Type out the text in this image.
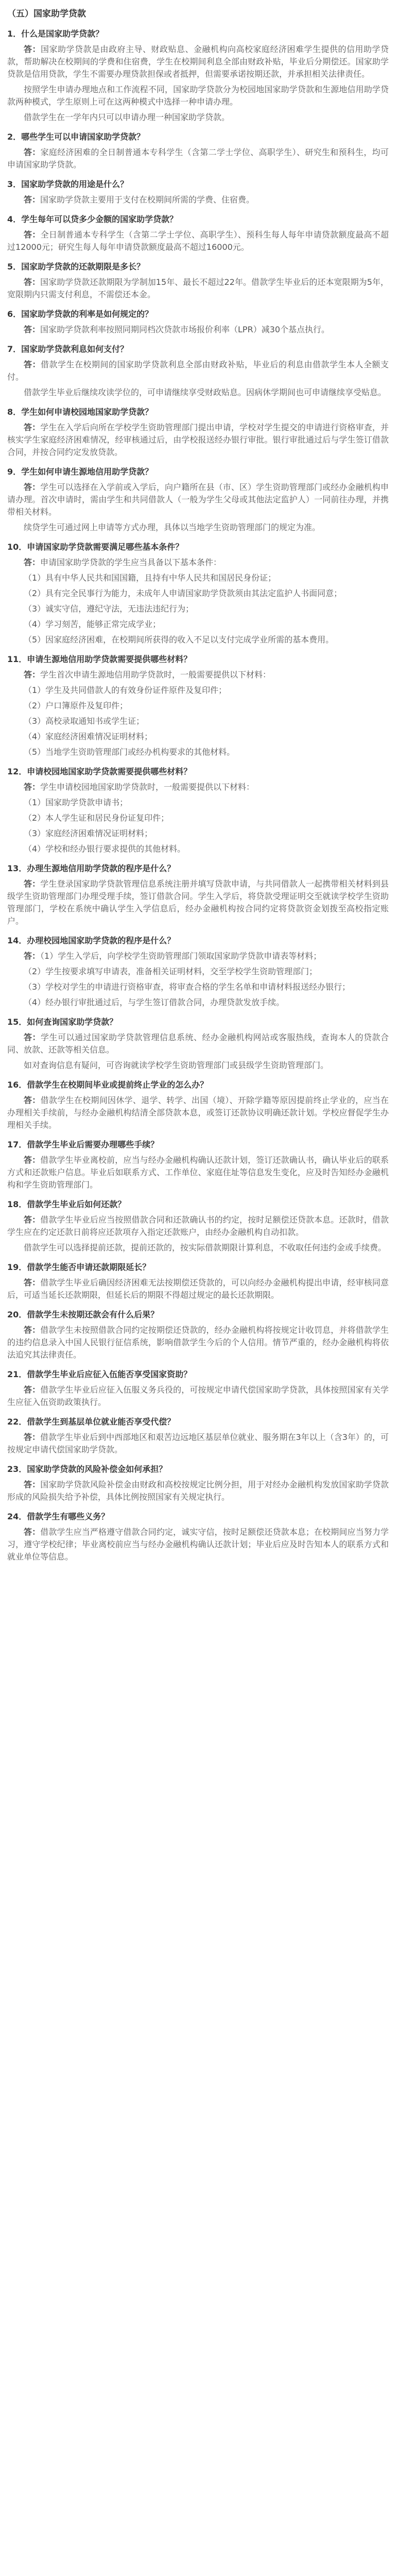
（五）国家助学贷款
1．什么是国家助学贷款？
答：国家助学贷款是由政府主导、财政贴息、金融机构向高校家庭经济困难学生提供的信用助学贷款，帮助解决在校期间的学费和住宿费，学生在校期间利息全部由财政补贴，毕业后分期偿还。国家助学贷款是信用贷款，学生不需要办理贷款担保或者抵押，但需要承诺按期还款，并承担相关法律责任。
按照学生申请办理地点和工作流程不同，国家助学贷款分为校园地国家助学贷款和生源地信用助学贷款两种模式，学生原则上可在这两种模式中选择一种申请办理。
借款学生在一学年内只可以申请办理一种国家助学贷款。
2．哪些学生可以申请国家助学贷款？
答：家庭经济困难的全日制普通本专科学生（含第二学士学位、高职学生）、研究生和预科生，均可申请国家助学贷款。
3．国家助学贷款的用途是什么？
答：国家助学贷款主要用于支付在校期间所需的学费、住宿费。
4．学生每年可以贷多少金额的国家助学贷款？
答：全日制普通本专科学生（含第二学士学位、高职学生）、预科生每人每年申请贷款额度最高不超过12000元；研究生每人每年申请贷款额度最高不超过16000元。
5．国家助学贷款的还款期限是多长？
答：国家助学贷款还款期限为学制加15年、最长不超过22年。借款学生毕业后的还本宽限期为5年，宽限期内只需支付利息，不需偿还本金。
6．国家助学贷款的利率是如何规定的？
答：国家助学贷款利率按照同期同档次贷款市场报价利率（LPR）减30个基点执行。
7．国家助学贷款利息如何支付？
答：借款学生在校期间的国家助学贷款利息全部由财政补贴，毕业后的利息由借款学生本人全额支付。
借款学生毕业后继续攻读学位的，可申请继续享受财政贴息。因病休学期间也可申请继续享受贴息。
8．学生如何申请校园地国家助学贷款？
答：学生在入学后向所在学校学生资助管理部门提出申请，学校对学生提交的申请进行资格审查，并核实学生家庭经济困难情况，经审核通过后，由学校报送经办银行审批。银行审批通过后与学生签订借款合同，并按合同约定发放贷款。
9．学生如何申请生源地信用助学贷款？
答：学生可以选择在入学前或入学后，向户籍所在县（市、区）学生资助管理部门或经办金融机构申请办理。首次申请时，需由学生和共同借款人（一般为学生父母或其他法定监护人）一同前往办理，并携带相关材料。
续贷学生可通过网上申请等方式办理，具体以当地学生资助管理部门的规定为准。
10．申请国家助学贷款需要满足哪些基本条件？
答：申请国家助学贷款的学生应当具备以下基本条件：
（1）具有中华人民共和国国籍，且持有中华人民共和国居民身份证；
（2）具有完全民事行为能力，未成年人申请国家助学贷款须由其法定监护人书面同意；
（3）诚实守信，遵纪守法，无违法违纪行为；
（4）学习刻苦，能够正常完成学业；
（5）因家庭经济困难，在校期间所获得的收入不足以支付完成学业所需的基本费用。
11．申请生源地信用助学贷款需要提供哪些材料？
答：学生首次申请生源地信用助学贷款时，一般需要提供以下材料：
（1）学生及共同借款人的有效身份证件原件及复印件；
（2）户口簿原件及复印件；
（3）高校录取通知书或学生证；
（4）家庭经济困难情况证明材料；
（5）当地学生资助管理部门或经办机构要求的其他材料。
12．申请校园地国家助学贷款需要提供哪些材料？
答：学生申请校园地国家助学贷款时，一般需要提供以下材料：
（1）国家助学贷款申请书；
（2）本人学生证和居民身份证复印件；
（3）家庭经济困难情况证明材料；
（4）学校和经办银行要求提供的其他材料。
13．办理生源地信用助学贷款的程序是什么？
答：学生登录国家助学贷款管理信息系统注册并填写贷款申请，与共同借款人一起携带相关材料到县级学生资助管理部门办理受理手续，签订借款合同。学生入学后，将贷款受理证明交至就读学校学生资助管理部门，学校在系统中确认学生入学信息后，经办金融机构按合同约定将贷款资金划拨至高校指定账户。
14．办理校园地国家助学贷款的程序是什么？
答：（1）学生入学后，向学校学生资助管理部门领取国家助学贷款申请表等材料；
（2）学生按要求填写申请表，准备相关证明材料，交至学校学生资助管理部门；
（3）学校对学生的申请进行资格审查，将审查合格的学生名单和申请材料报送经办银行；
（4）经办银行审批通过后，与学生签订借款合同，办理贷款发放手续。
15．如何查询国家助学贷款？
答：学生可以通过国家助学贷款管理信息系统、经办金融机构网站或客服热线，查询本人的贷款合同、放款、还款等相关信息。
如对查询信息有疑问，可咨询就读学校学生资助管理部门或县级学生资助管理部门。
16．借款学生在校期间毕业或提前终止学业的怎么办？
答：借款学生在校期间因休学、退学、转学、出国（境）、开除学籍等原因提前终止学业的，应当在办理相关手续前，与经办金融机构结清全部贷款本息，或签订还款协议明确还款计划。学校应督促学生办理相关手续。
17．借款学生毕业后需要办理哪些手续？
答：借款学生毕业离校前，应当与经办金融机构确认还款计划，签订还款确认书，确认毕业后的联系方式和还款账户信息。毕业后如联系方式、工作单位、家庭住址等信息发生变化，应及时告知经办金融机构和学生资助管理部门。
18．借款学生毕业后如何还款？
答：借款学生毕业后应当按照借款合同和还款确认书的约定，按时足额偿还贷款本息。还款时，借款学生应在约定还款日前将应还款项存入指定还款账户，由经办金融机构自动扣款。
借款学生可以选择提前还款，提前还款的，按实际借款期限计算利息，不收取任何违约金或手续费。
19．借款学生能否申请还款期限延长？
答：借款学生毕业后确因经济困难无法按期偿还贷款的，可以向经办金融机构提出申请，经审核同意后，可适当延长还款期限，但延长后的期限不得超过规定的最长还款期限。
20．借款学生未按期还款会有什么后果？
答：借款学生未按照借款合同约定按期偿还贷款的，经办金融机构将按规定计收罚息，并将借款学生的违约信息录入中国人民银行征信系统，影响借款学生今后的个人信用。情节严重的，经办金融机构将依法追究其法律责任。
21．借款学生毕业后应征入伍能否享受国家资助？
答：借款学生毕业后应征入伍服义务兵役的，可按规定申请代偿国家助学贷款，具体按照国家有关学生应征入伍资助政策执行。
22．借款学生到基层单位就业能否享受代偿？
答：借款学生毕业后到中西部地区和艰苦边远地区基层单位就业、服务期在3年以上（含3年）的，可按规定申请代偿国家助学贷款。
23．国家助学贷款的风险补偿金如何承担？
答：国家助学贷款风险补偿金由财政和高校按规定比例分担，用于对经办金融机构发放国家助学贷款形成的风险损失给予补偿，具体比例按照国家有关规定执行。
24．借款学生有哪些义务？
答：借款学生应当严格遵守借款合同约定，诚实守信，按时足额偿还贷款本息；在校期间应当努力学习，遵守学校纪律；毕业离校前应当与经办金融机构确认还款计划；毕业后应及时告知本人的联系方式和就业单位等信息。
